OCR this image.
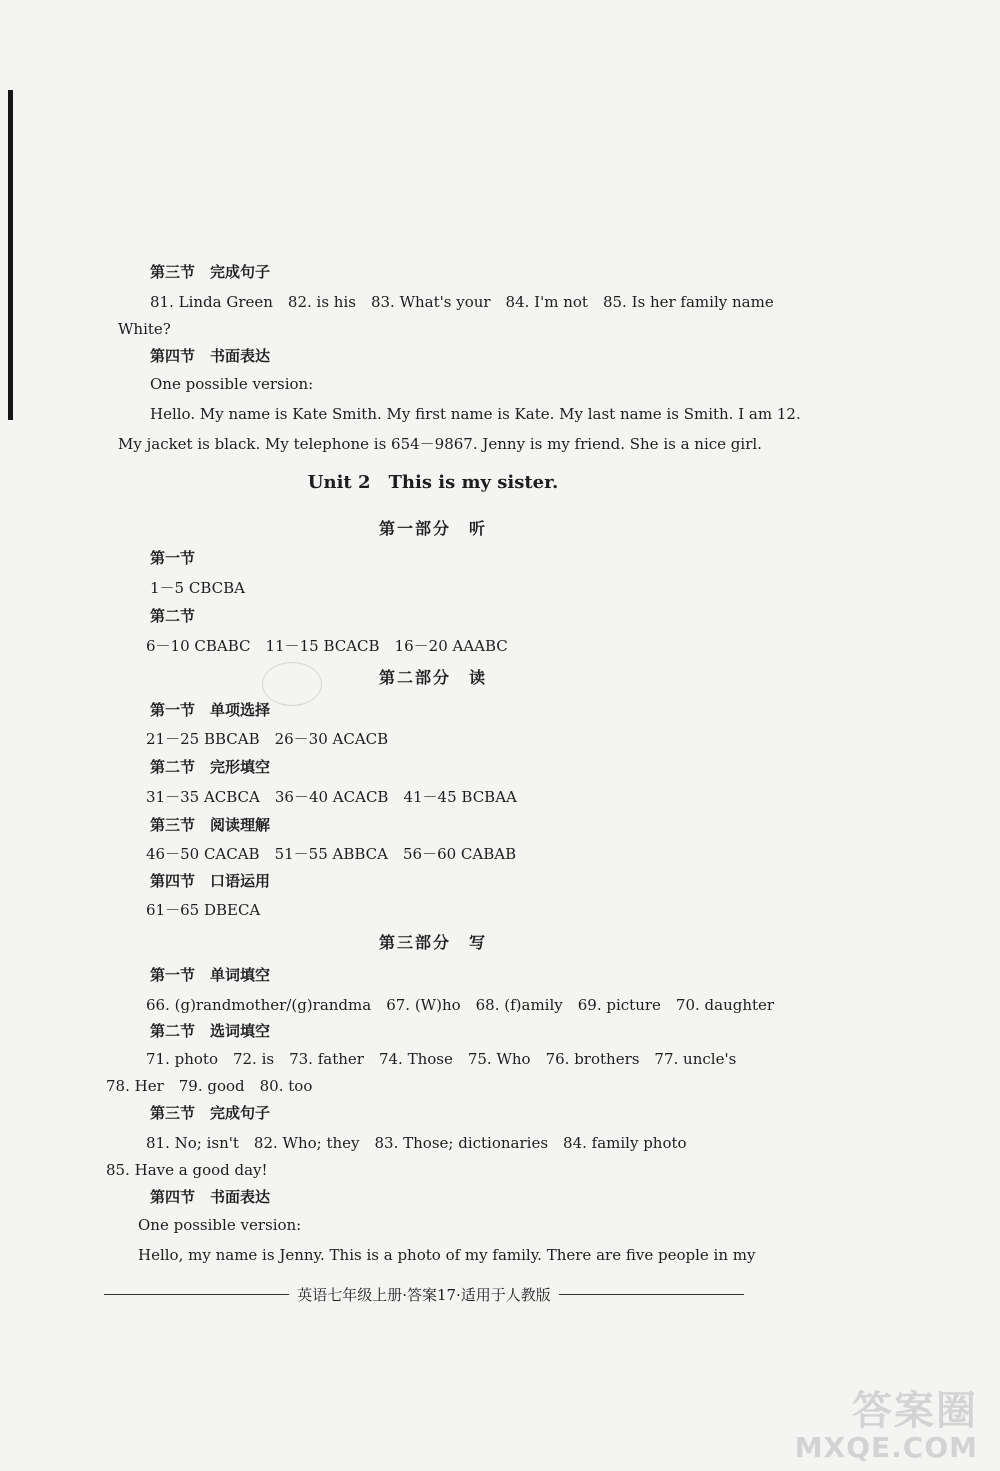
第三节　完成句子
81. Linda Green　82. is his　83. What's your　84. I'm not　85. Is her family name
White?
第四节　书面表达
One possible version:
Hello. My name is Kate Smith. My first name is Kate. My last name is Smith. I am 12.
My jacket is black. My telephone is 654－9867. Jenny is my friend. She is a nice girl.
Unit 2　This is my sister.
第一部分　听
第一节
1－5 CBCBA
第二节
6－10 CBABC　11－15 BCACB　16－20 AAABC
第二部分　读
第一节　单项选择
21－25 BBCAB　26－30 ACACB
第二节　完形填空
31－35 ACBCA　36－40 ACACB　41－45 BCBAA
第三节　阅读理解
46－50 CACAB　51－55 ABBCA　56－60 CABAB
第四节　口语运用
61－65 DBECA
第三部分　写
第一节　单词填空
66. (g)randmother/(g)randma　67. (W)ho　68. (f)amily　69. picture　70. daughter
第二节　选词填空
71. photo　72. is　73. father　74. Those　75. Who　76. brothers　77. uncle's
78. Her　79. good　80. too
第三节　完成句子
81. No; isn't　82. Who; they　83. Those; dictionaries　84. family photo
85. Have a good day!
第四节　书面表达
One possible version:
Hello, my name is Jenny. This is a photo of my family. There are five people in my
英语七年级上册·答案17·适用于人教版
答案圈
MXQE.COM
